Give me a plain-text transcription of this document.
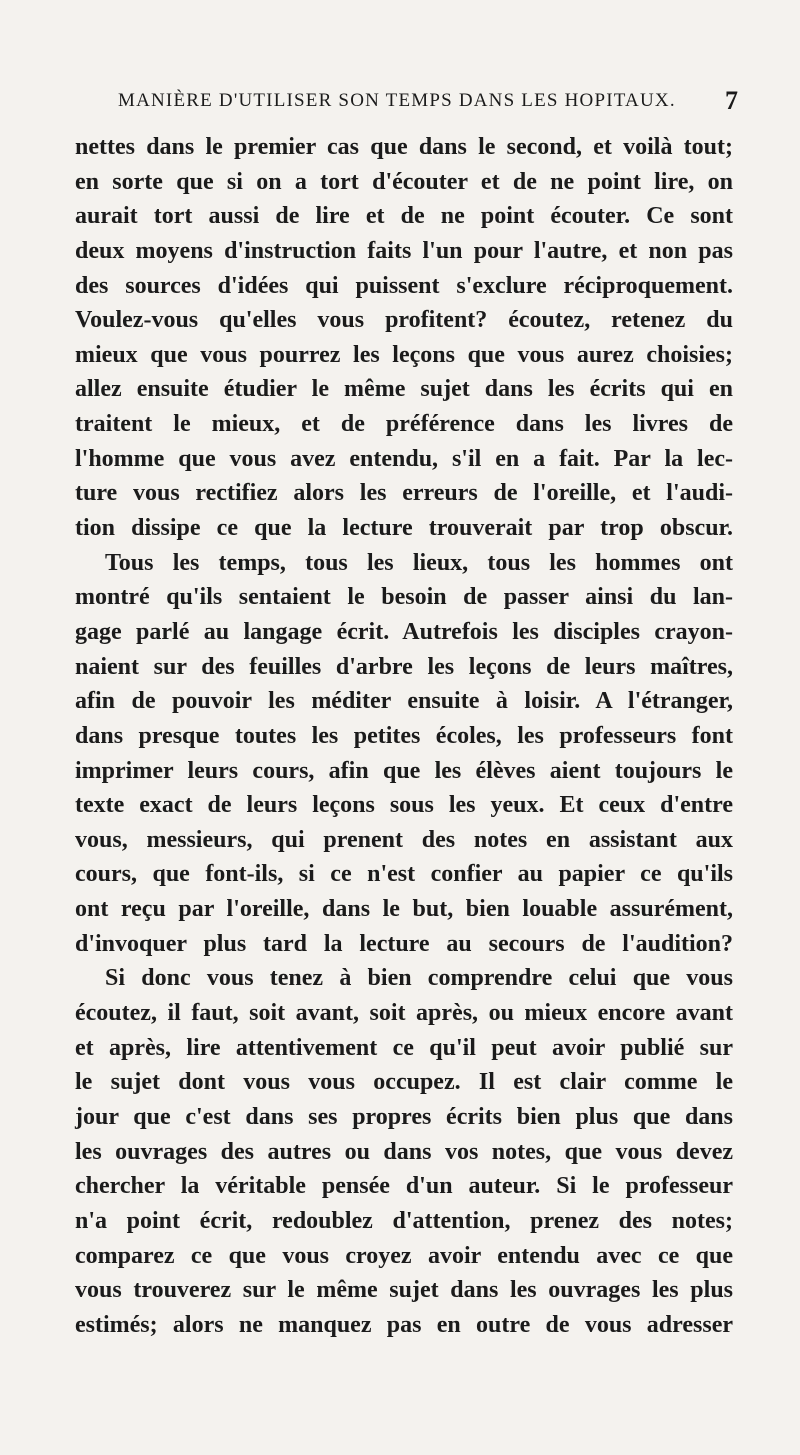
MANIÈRE D'UTILISER SON TEMPS DANS LES HOPITAUX. 7
nettes dans le premier cas que dans le second, et voilà tout;
en sorte que si on a tort d'écouter et de ne point lire, on
aurait tort aussi de lire et de ne point écouter. Ce sont
deux moyens d'instruction faits l'un pour l'autre, et non pas
des sources d'idées qui puissent s'exclure réciproquement.
Voulez-vous qu'elles vous profitent? écoutez, retenez du
mieux que vous pourrez les leçons que vous aurez choisies;
allez ensuite étudier le même sujet dans les écrits qui en
traitent le mieux, et de préférence dans les livres de
l'homme que vous avez entendu, s'il en a fait. Par la lec-
ture vous rectifiez alors les erreurs de l'oreille, et l'audi-
tion dissipe ce que la lecture trouverait par trop obscur.
Tous les temps, tous les lieux, tous les hommes ont
montré qu'ils sentaient le besoin de passer ainsi du lan-
gage parlé au langage écrit. Autrefois les disciples crayon-
naient sur des feuilles d'arbre les leçons de leurs maîtres,
afin de pouvoir les méditer ensuite à loisir. A l'étranger,
dans presque toutes les petites écoles, les professeurs font
imprimer leurs cours, afin que les élèves aient toujours le
texte exact de leurs leçons sous les yeux. Et ceux d'entre
vous, messieurs, qui prenent des notes en assistant aux
cours, que font-ils, si ce n'est confier au papier ce qu'ils
ont reçu par l'oreille, dans le but, bien louable assurément,
d'invoquer plus tard la lecture au secours de l'audition?
Si donc vous tenez à bien comprendre celui que vous
écoutez, il faut, soit avant, soit après, ou mieux encore avant
et après, lire attentivement ce qu'il peut avoir publié sur
le sujet dont vous vous occupez. Il est clair comme le
jour que c'est dans ses propres écrits bien plus que dans
les ouvrages des autres ou dans vos notes, que vous devez
chercher la véritable pensée d'un auteur. Si le professeur
n'a point écrit, redoublez d'attention, prenez des notes;
comparez ce que vous croyez avoir entendu avec ce que
vous trouverez sur le même sujet dans les ouvrages les plus
estimés; alors ne manquez pas en outre de vous adresser
